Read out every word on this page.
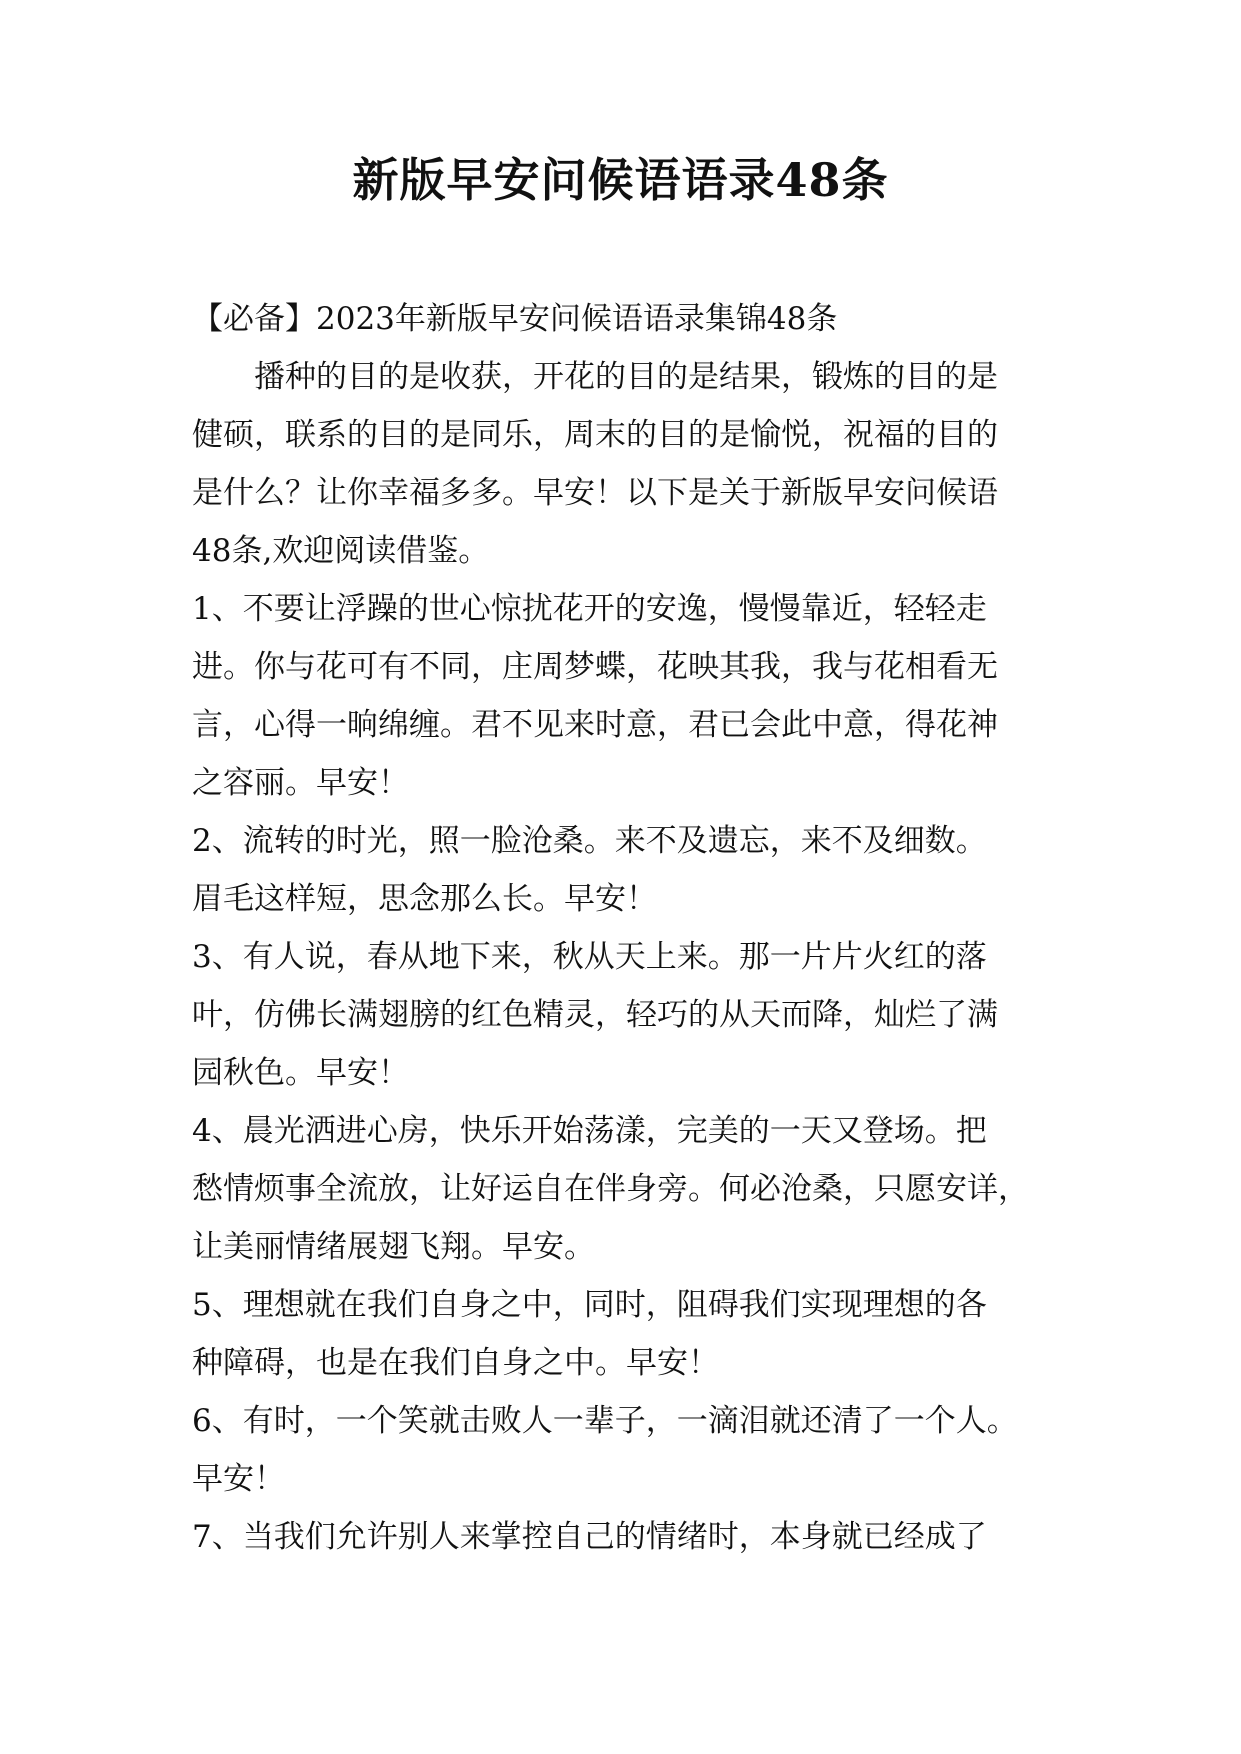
新版早安问候语语录48条
【必备】2023年新版早安问候语语录集锦48条
播种的目的是收获，开花的目的是结果，锻炼的目的是
健硕，联系的目的是同乐，周末的目的是愉悦，祝福的目的
是什么？让你幸福多多。早安！以下是关于新版早安问候语
48条,欢迎阅读借鉴。
1、不要让浮躁的世心惊扰花开的安逸，慢慢靠近，轻轻走
进。你与花可有不同，庄周梦蝶，花映其我，我与花相看无
言，心得一晌绵缠。君不见来时意，君已会此中意，得花神
之容丽。早安！
2、流转的时光，照一脸沧桑。来不及遗忘，来不及细数。
眉毛这样短，思念那么长。早安！
3、有人说，春从地下来，秋从天上来。那一片片火红的落
叶，仿佛长满翅膀的红色精灵，轻巧的从天而降，灿烂了满
园秋色。早安！
4、晨光洒进心房，快乐开始荡漾，完美的一天又登场。把
愁情烦事全流放，让好运自在伴身旁。何必沧桑，只愿安详，
让美丽情绪展翅飞翔。早安。
5、理想就在我们自身之中，同时，阻碍我们实现理想的各
种障碍，也是在我们自身之中。早安！
6、有时，一个笑就击败人一辈子，一滴泪就还清了一个人。
早安！
7、当我们允许别人来掌控自己的情绪时，本身就已经成了
